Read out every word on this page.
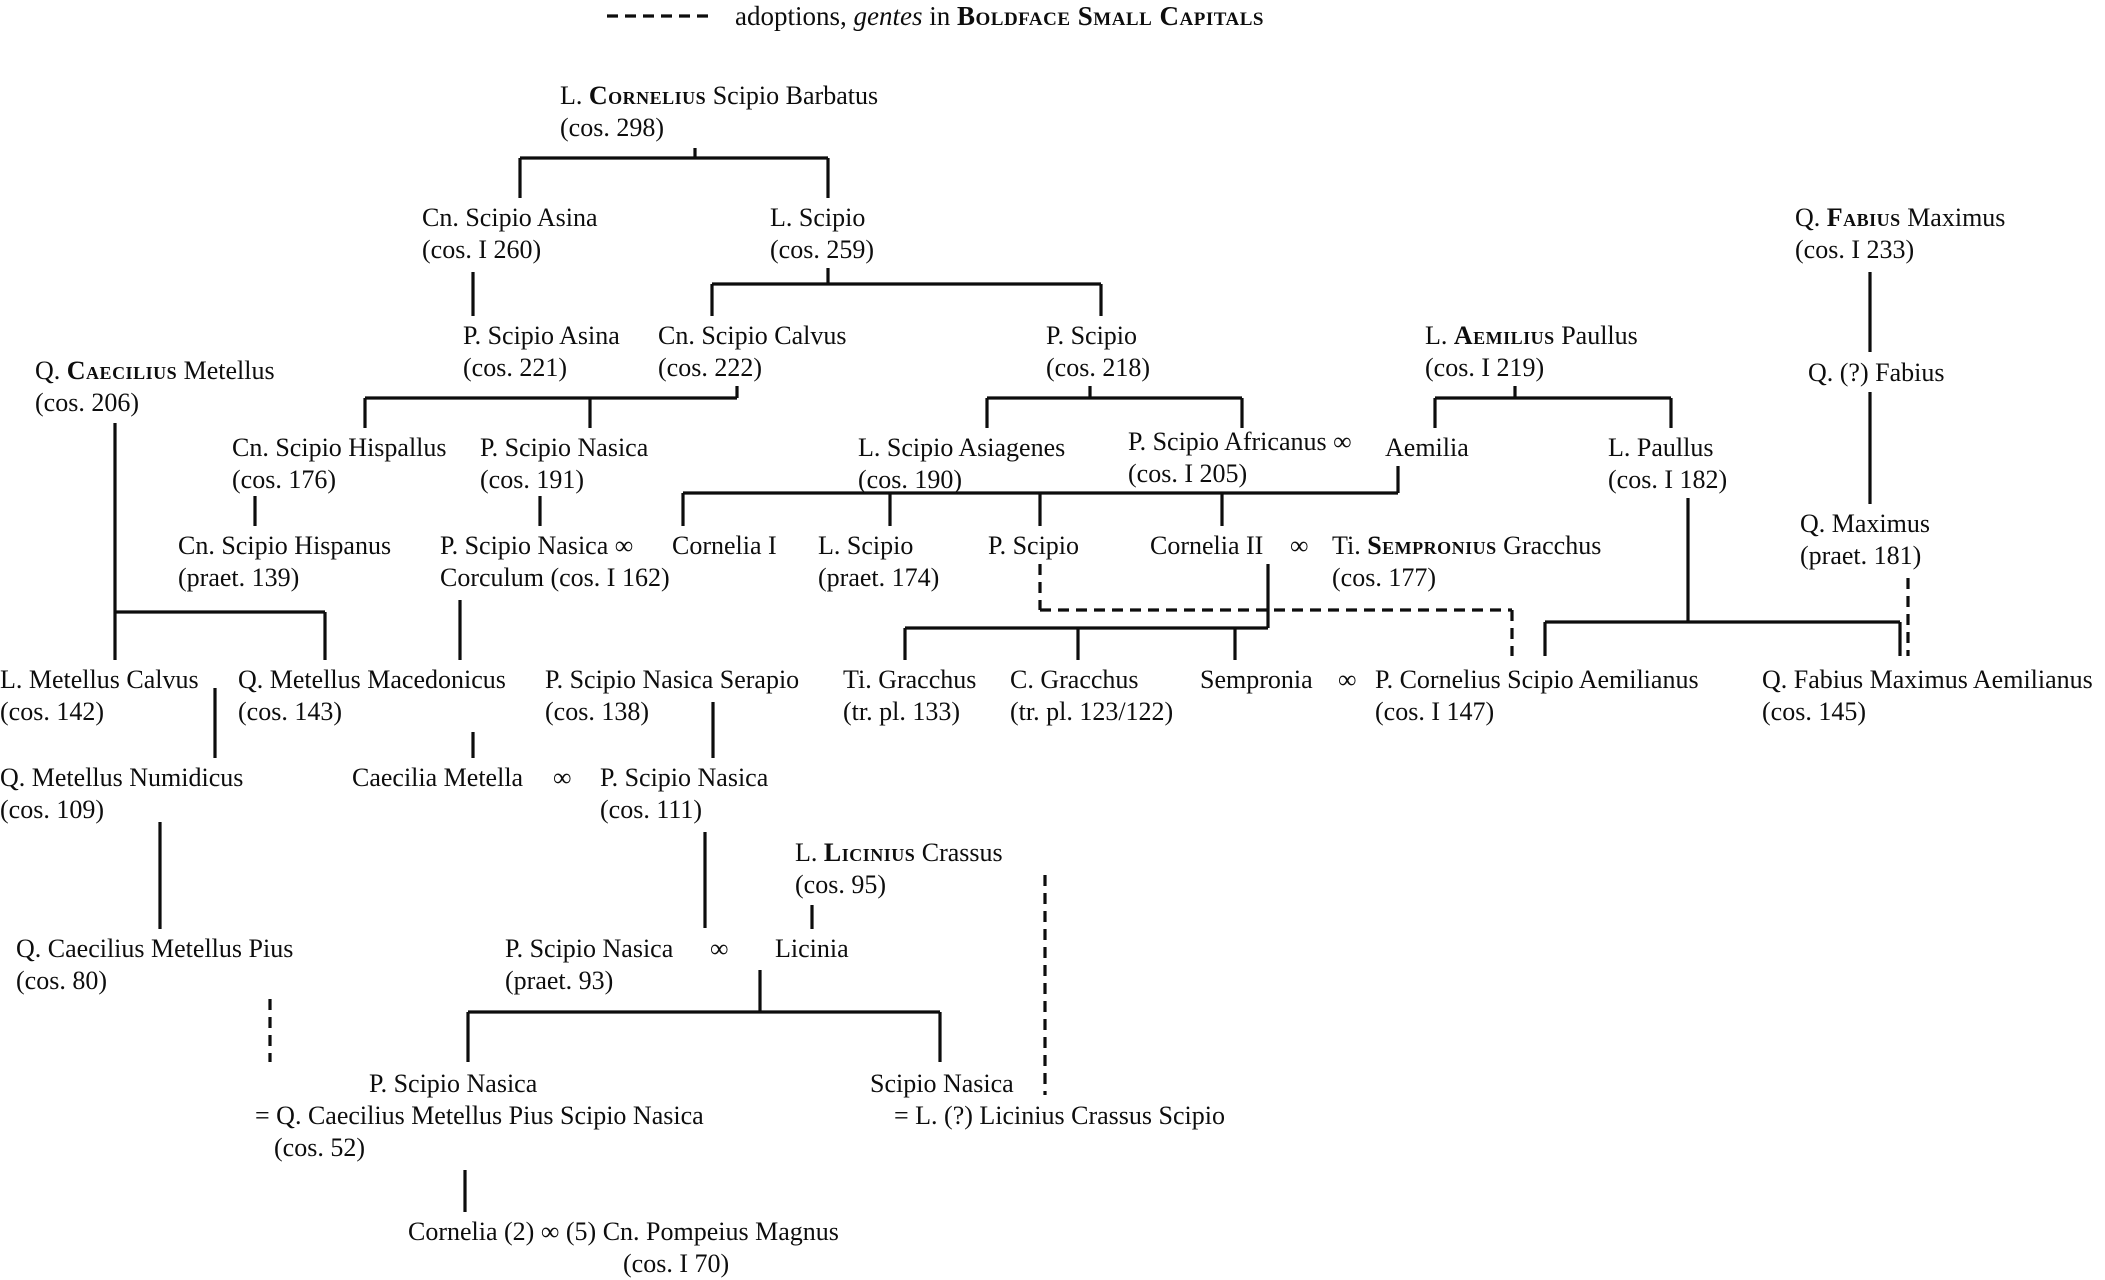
adoptions, gentes in Boldface Small Capitals
L. Cornelius Scipio Barbatus
(cos. 298)
Cn. Scipio Asina
(cos. I 260)
L. Scipio
(cos. 259)
Q. Fabius Maximus
(cos. I 233)
P. Scipio Asina
(cos. 221)
Cn. Scipio Calvus
(cos. 222)
P. Scipio
(cos. 218)
L. Aemilius Paullus
(cos. I 219)	Q. (?) Fabius
Q. Caecilius Metellus
(cos. 206)
Cn. Scipio Hispallus
(cos. 176)
P. Scipio Nasica
(cos. 191)
L. Scipio Asiagenes
(cos. 190)
P. Scipio Africanus ∞
(cos. I 205)
Aemilia	L. Paullus
(cos. I 182)
Cn. Scipio Hispanus
(praet. 139)
P. Scipio Nasica ∞
Corculum (cos. I 162)
Cornelia I L. Scipio
(praet. 174)
P. Scipio	Cornelia II ∞ Ti. Sempronius Gracchus
(cos. 177)
Q. Maximus
(praet. 181)
L. Metellus Calvus
(cos. 142)
Q. Metellus Macedonicus
(cos. 143)
P. Scipio Nasica Serapio
(cos. 138)
Ti. Gracchus
(tr. pl. 133)
C. Gracchus
(tr. pl. 123/122)
Sempronia ∞ P. Cornelius Scipio Aemilianus
(cos. I 147)
Q. Fabius Maximus Aemilianus
(cos. 145)
Q. Metellus Numidicus
(cos. 109)
Caecilia Metella ∞ P. Scipio Nasica
(cos. 111)
L. Licinius Crassus
(cos. 95)
Q. Caecilius Metellus Pius
(cos. 80)
P. Scipio Nasica
(praet. 93)
∞ Licinia
P. Scipio Nasica
= Q. Caecilius Metellus Pius Scipio Nasica
(cos. 52)
Scipio Nasica
= L. (?) Licinius Crassus Scipio
Cornelia (2) ∞ (5) Cn. Pompeius Magnus
(cos. I 70)
